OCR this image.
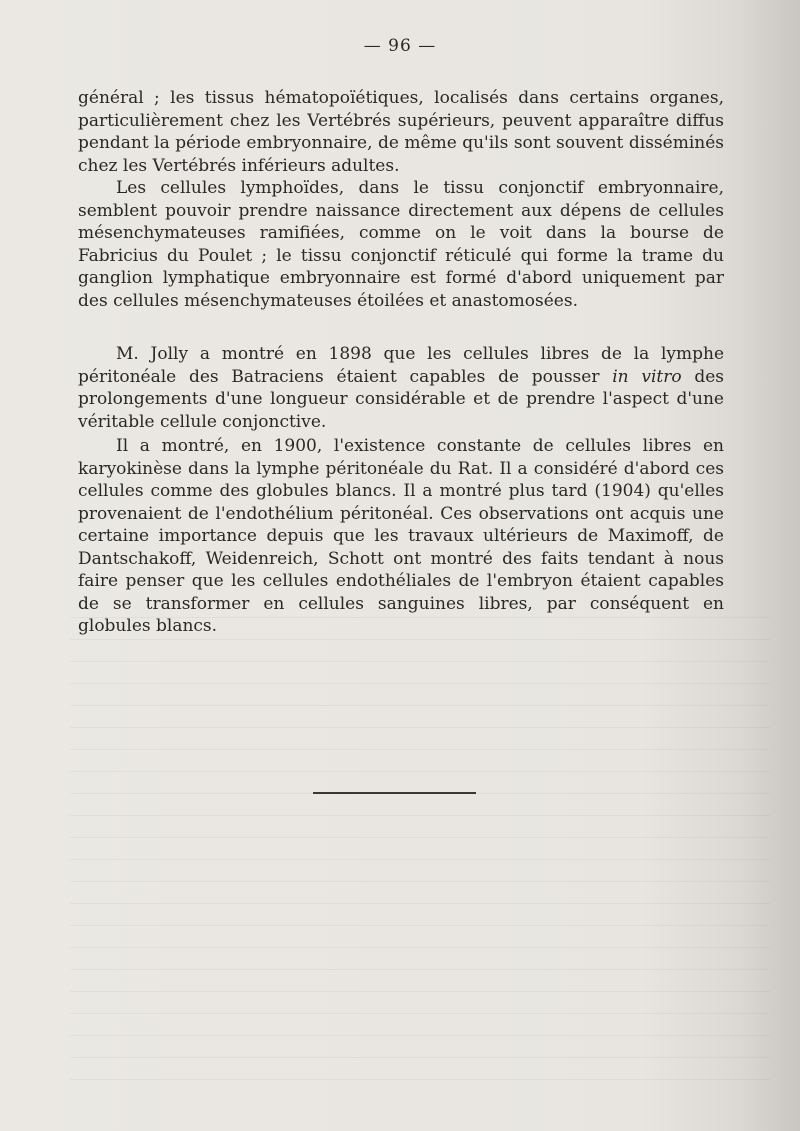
— 96 —

général ; les tissus hématopoïétiques, localisés dans certains organes, particulièrement chez les Vertébrés supérieurs, peuvent apparaître diffus pendant la période embryonnaire, de même qu'ils sont souvent disséminés chez les Vertébrés inférieurs adultes.

Les cellules lymphoïdes, dans le tissu conjonctif embryonnaire, semblent pouvoir prendre naissance directement aux dépens de cellules mésenchymateuses ramifiées, comme on le voit dans la bourse de Fabricius du Poulet ; le tissu conjonctif réticulé qui forme la trame du ganglion lymphatique embryonnaire est formé d'abord uniquement par des cellules mésenchymateuses étoilées et anastomosées.

M. Jolly a montré en 1898 que les cellules libres de la lymphe péritonéale des Batraciens étaient capables de pousser in vitro des prolongements d'une longueur considérable et de prendre l'aspect d'une véritable cellule conjonctive.

Il a montré, en 1900, l'existence constante de cellules libres en karyokinèse dans la lymphe péritonéale du Rat. Il a considéré d'abord ces cellules comme des globules blancs. Il a montré plus tard (1904) qu'elles provenaient de l'endothélium péritonéal. Ces observations ont acquis une certaine importance depuis que les travaux ultérieurs de Maximoff, de Dantschakoff, Weidenreich, Schott ont montré des faits tendant à nous faire penser que les cellules endothéliales de l'embryon étaient capables de se transformer en cellules sanguines libres, par conséquent en globules blancs.
